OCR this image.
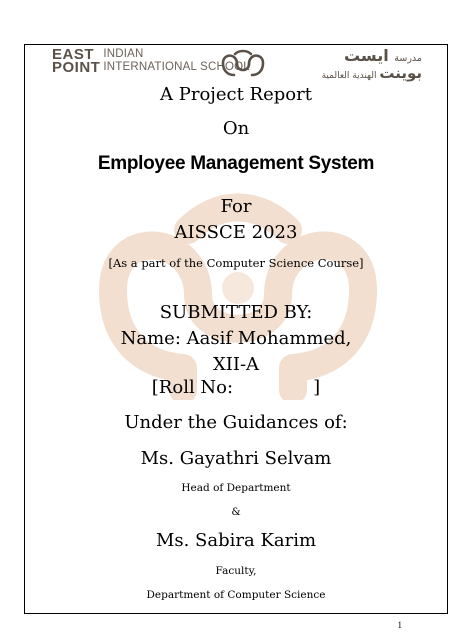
EAST
POINT
INDIAN
INTERNATIONAL SCHOOL
مدرسة ايست
بوينت الهندية العالمية
A Project Report
On
Employee Management System
For
AISSCE 2023
[As a part of the Computer Science Course]
SUBMITTED BY:
Name: Aasif Mohammed,
XII-A
[Roll No:              ]
Under the Guidances of:
Ms. Gayathri Selvam
Head of Department
&
Ms. Sabira Karim
Faculty,
Department of Computer Science
1
